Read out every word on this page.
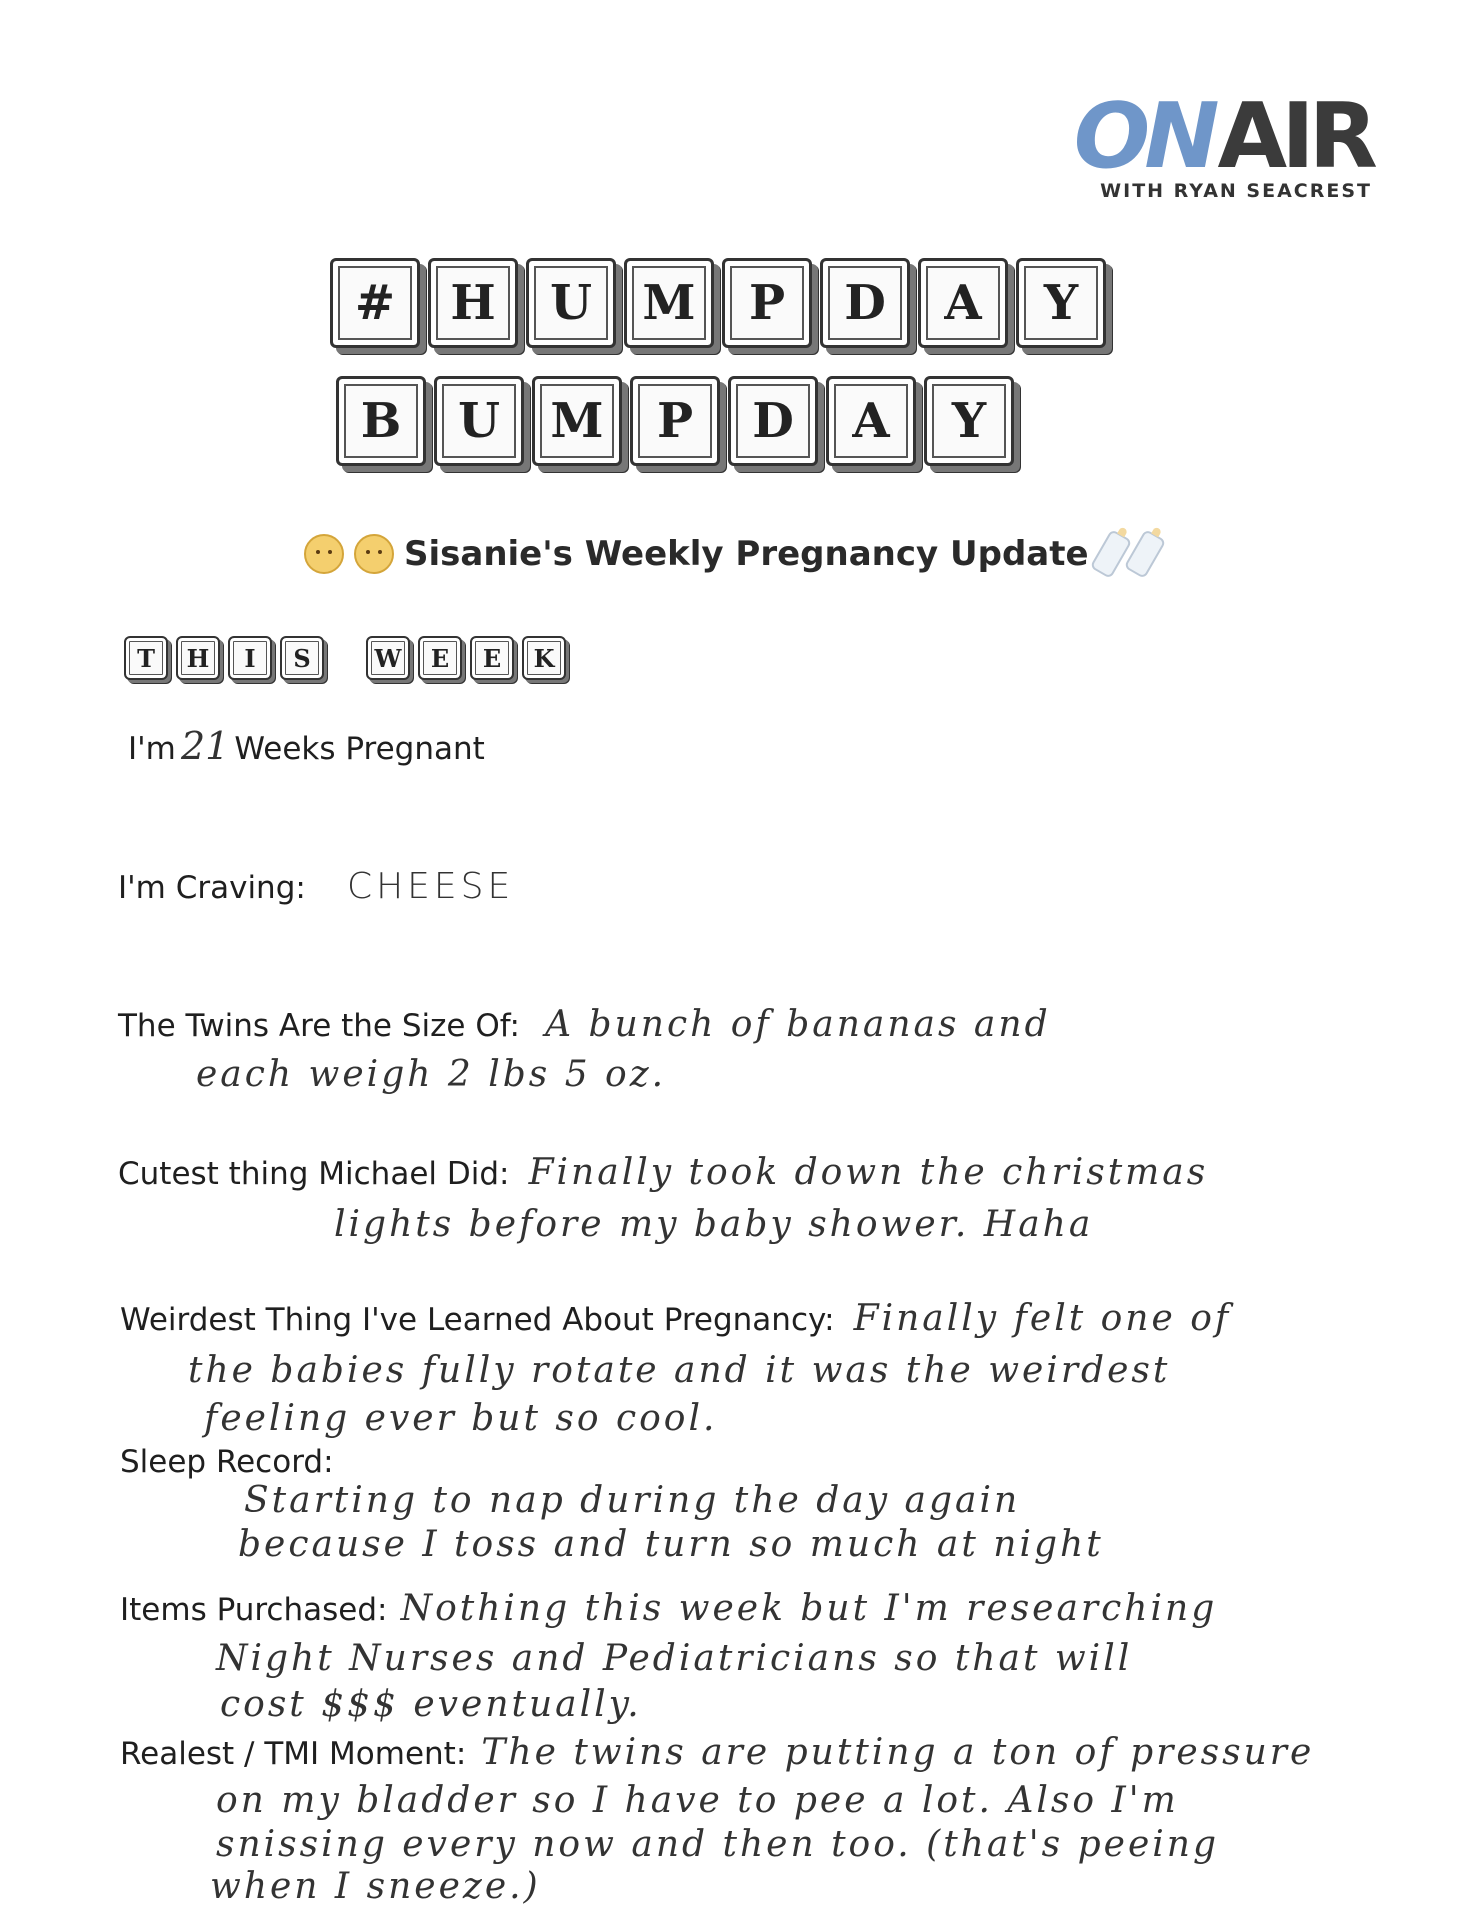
ONAIR
WITH RYAN SEACREST
#	H	U	M	P	D	A	Y
B	U	M	P	D	A	Y
Sisanie's Weekly Pregnancy Update
T	H	I	S	W	E	E	K
I'm 21 Weeks Pregnant
I'm Craving: CHEESE
The Twins Are the Size Of: A bunch of bananas and
each weigh 2 lbs 5 oz.
Cutest thing Michael Did: Finally took down the christmas
lights before my baby shower. Haha
Weirdest Thing I've Learned About Pregnancy: Finally felt one of
the babies fully rotate and it was the weirdest
feeling ever but so cool.
Sleep Record:
Starting to nap during the day again
because I toss and turn so much at night
Items Purchased: Nothing this week but I'm researching
Night Nurses and Pediatricians so that will
cost $$$ eventually.
Realest / TMI Moment: The twins are putting a ton of pressure
on my bladder so I have to pee a lot. Also I'm
snissing every now and then too. (that's peeing
when I sneeze.)
